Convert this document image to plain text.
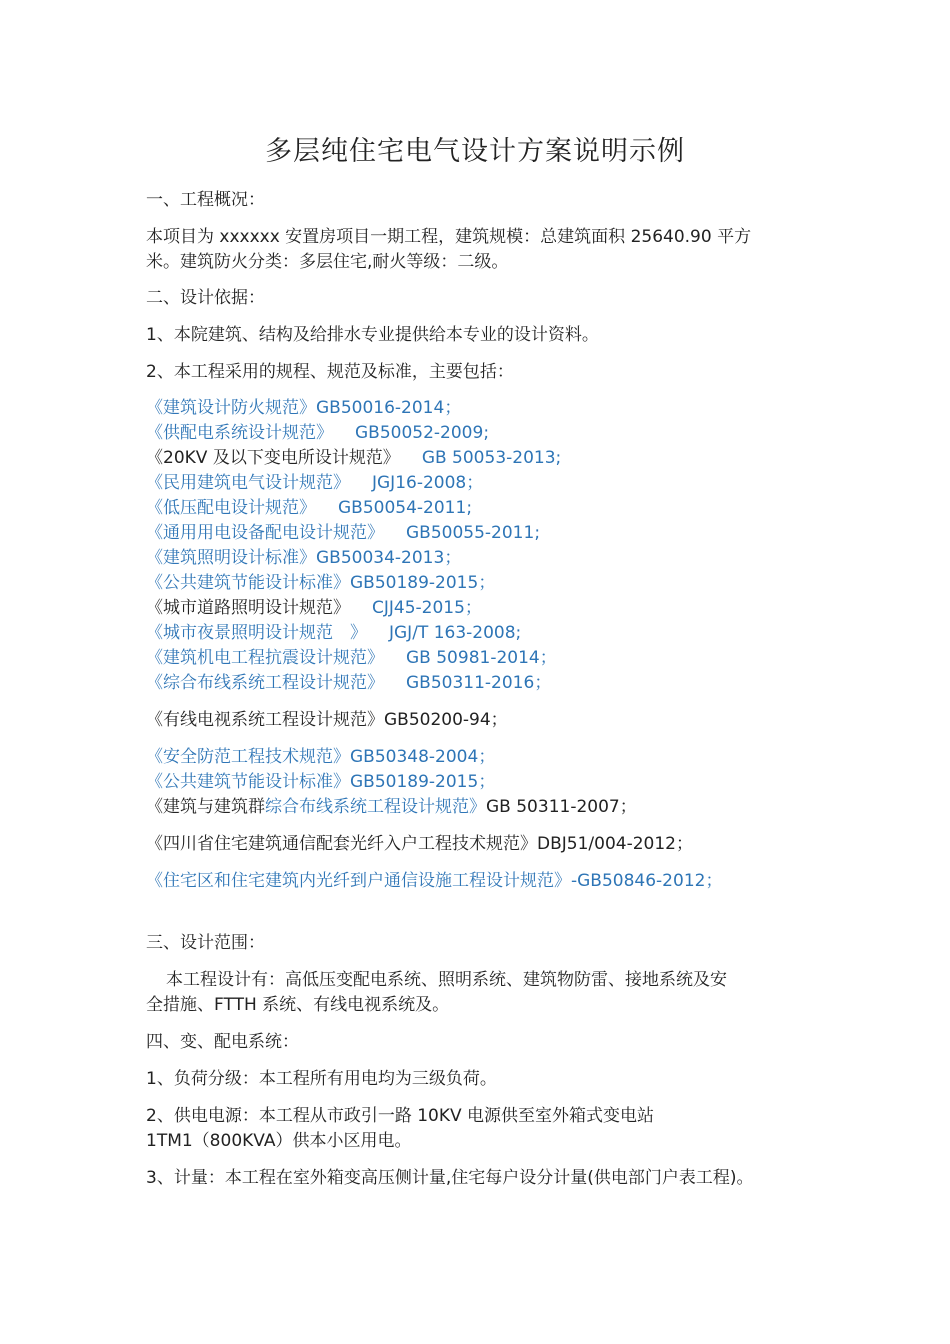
多层纯住宅电气设计方案说明示例
一、工程概况：
本项目为 xxxxxx 安置房项目一期工程，建筑规模：总建筑面积 25640.90 平方
米。建筑防火分类：多层住宅,耐火等级：二级。
二、设计依据：
1、本院建筑、结构及给排水专业提供给本专业的设计资料。
2、本工程采用的规程、规范及标准，主要包括：
《建筑设计防火规范》GB50016-2014；
《供配电系统设计规范》 GB50052-2009;
《20KV 及以下变电所设计规范》 GB 50053-2013;
《民用建筑电气设计规范》 JGJ16-2008；
《低压配电设计规范》 GB50054-2011;
《通用用电设备配电设计规范》 GB50055-2011;
《建筑照明设计标准》GB50034-2013；
《公共建筑节能设计标准》GB50189-2015；
《城市道路照明设计规范》 CJJ45-2015；
《城市夜景照明设计规范　》 JGJ/T 163-2008;
《建筑机电工程抗震设计规范》 GB 50981-2014；
《综合布线系统工程设计规范》 GB50311-2016；
《有线电视系统工程设计规范》GB50200-94；
《安全防范工程技术规范》GB50348-2004；
《公共建筑节能设计标准》GB50189-2015；
《建筑与建筑群综合布线系统工程设计规范》GB 50311-2007；
《四川省住宅建筑通信配套光纤入户工程技术规范》DBJ51/004-2012；
《住宅区和住宅建筑内光纤到户通信设施工程设计规范》-GB50846-2012；
三、设计范围：
本工程设计有：高低压变配电系统、照明系统、建筑物防雷、接地系统及安
全措施、FTTH 系统、有线电视系统及。
四、变、配电系统：
1、负荷分级：本工程所有用电均为三级负荷。
2、供电电源：本工程从市政引一路 10KV 电源供至室外箱式变电站
1TM1（800KVA）供本小区用电。
3、计量：本工程在室外箱变高压侧计量,住宅每户设分计量(供电部门户表工程)。
